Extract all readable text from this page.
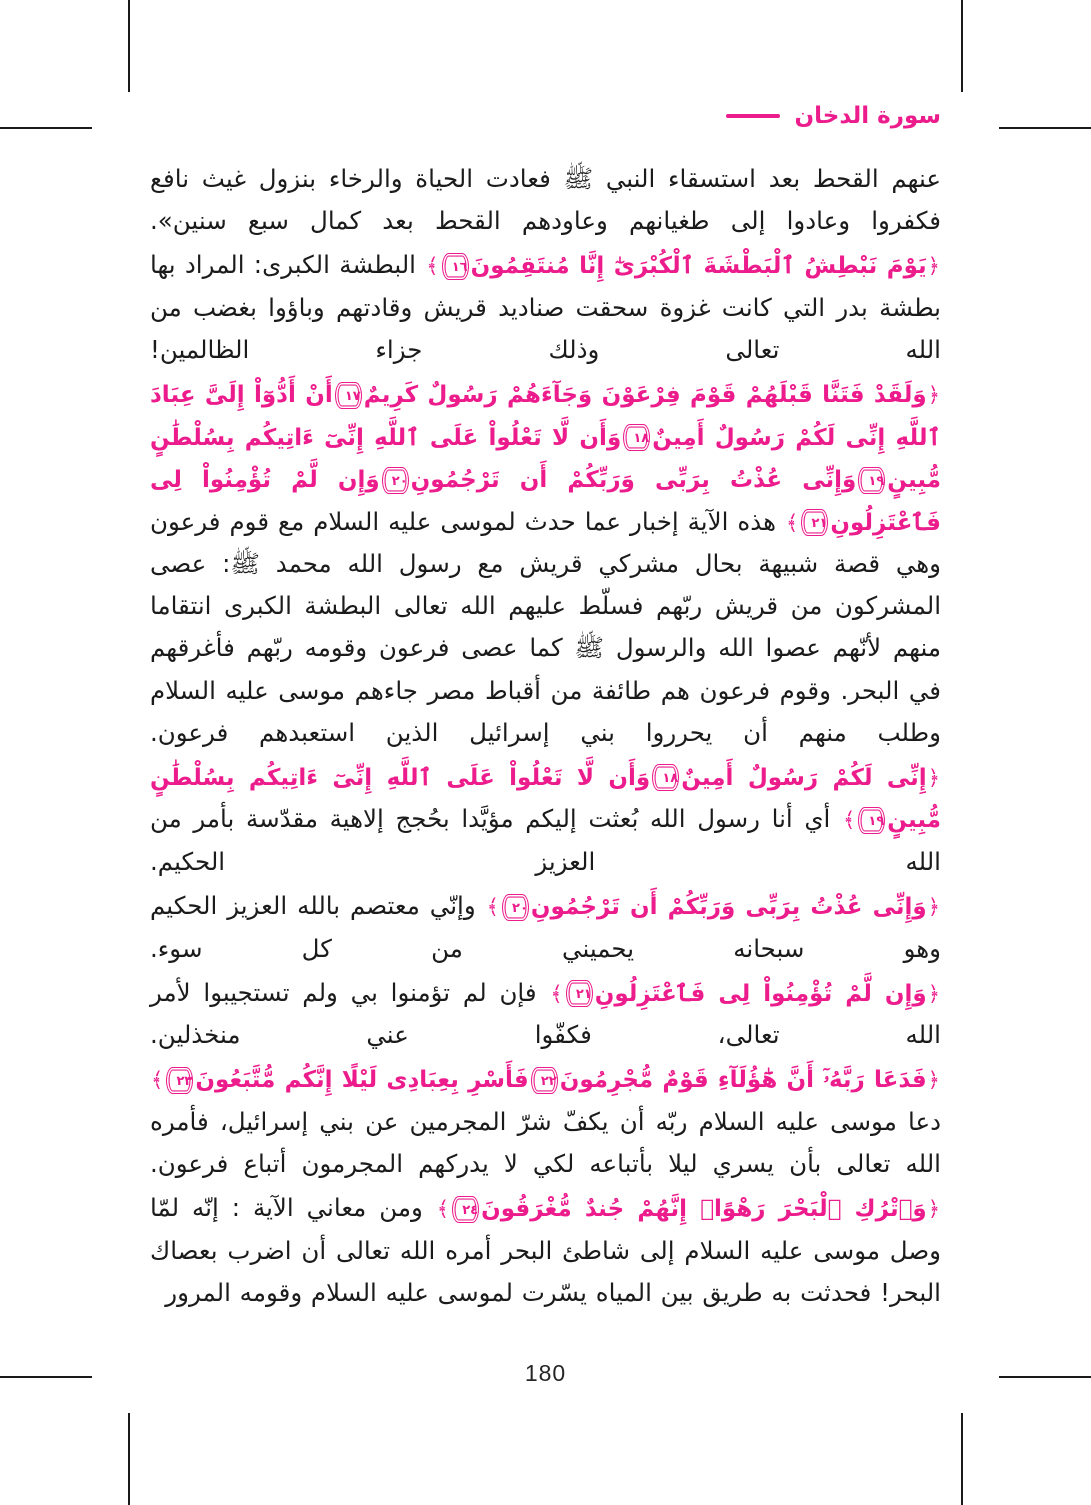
سورة الدخان

عنهم القحط بعد استسقاء النبي ﷺ فعادت الحياة والرخاء بنزول غيث نافع فكفروا وعادوا إلى طغيانهم وعاودهم القحط بعد كمال سبع سنين».

﴿يَوْمَ نَبْطِشُ ٱلْبَطْشَةَ ٱلْكُبْرَىٰٓ إِنَّا مُنتَقِمُونَ١٦﴾ البطشة الكبرى: المراد بها بطشة بدر التي كانت غزوة سحقت صناديد قريش وقادتهم وباؤوا بغضب من الله تعالى وذلك جزاء الظالمين!

﴿وَلَقَدْ فَتَنَّا قَبْلَهُمْ قَوْمَ فِرْعَوْنَ وَجَآءَهُمْ رَسُولٌ كَرِيمٌ١٧أَنْ أَدُّوٓاْ إِلَىَّ عِبَادَ ٱللَّهِ إِنِّى لَكُمْ رَسُولٌ أَمِينٌ١٨وَأَن لَّا تَعْلُواْ عَلَى ٱللَّهِ إِنِّىٓ ءَاتِيكُم بِسُلْطَٰنٍ مُّبِينٍ١٩وَإِنِّى عُذْتُ بِرَبِّى وَرَبِّكُمْ أَن تَرْجُمُونِ٢٠وَإِن لَّمْ تُؤْمِنُواْ لِى فَٱعْتَزِلُونِ٢١﴾ هذه الآية إخبار عما حدث لموسى عليه السلام مع قوم فرعون وهي قصة شبيهة بحال مشركي قريش مع رسول الله محمد ﷺ: عصى المشركون من قريش ربّهم فسلّط عليهم الله تعالى البطشة الكبرى انتقاما منهم لأنّهم عصوا الله والرسول ﷺ كما عصى فرعون وقومه ربّهم فأغرقهم في البحر. وقوم فرعون هم طائفة من أقباط مصر جاءهم موسى عليه السلام وطلب منهم أن يحرروا بني إسرائيل الذين استعبدهم فرعون.

﴿إِنِّى لَكُمْ رَسُولٌ أَمِينٌ١٨وَأَن لَّا تَعْلُواْ عَلَى ٱللَّهِ إِنِّىٓ ءَاتِيكُم بِسُلْطَٰنٍ مُّبِينٍ١٩﴾ أي أنا رسول الله بُعثت إليكم مؤيَّدا بحُجج إلاهية مقدّسة بأمر من الله العزيز الحكيم.

﴿وَإِنِّى عُذْتُ بِرَبِّى وَرَبِّكُمْ أَن تَرْجُمُونِ٢٠﴾ وإنّي معتصم بالله العزيز الحكيم وهو سبحانه يحميني من كل سوء.

﴿وَإِن لَّمْ تُؤْمِنُواْ لِى فَٱعْتَزِلُونِ٢١﴾ فإن لم تؤمنوا بي ولم تستجيبوا لأمر الله تعالى، فكفّوا عني منخذلين.

﴿فَدَعَا رَبَّهُۥٓ أَنَّ هَٰٓؤُلَآءِ قَوْمٌ مُّجْرِمُونَ٢٢فَأَسْرِ بِعِبَادِى لَيْلًا إِنَّكُم مُّتَّبَعُونَ٢٣﴾ دعا موسى عليه السلام ربّه أن يكفّ شرّ المجرمين عن بني إسرائيل، فأمره الله تعالى بأن يسري ليلا بأتباعه لكي لا يدركهم المجرمون أتباع فرعون.

﴿وَٱتْرُكِ ٱلْبَحْرَ رَهْوًاۖ إِنَّهُمْ جُندٌ مُّغْرَقُونَ٢٤﴾ ومن معاني الآية : إنّه لمّا وصل موسى عليه السلام إلى شاطئ البحر أمره الله تعالى أن اضرب بعصاك البحر! فحدثت به طريق بين المياه يسّرت لموسى عليه السلام وقومه المرور

180
